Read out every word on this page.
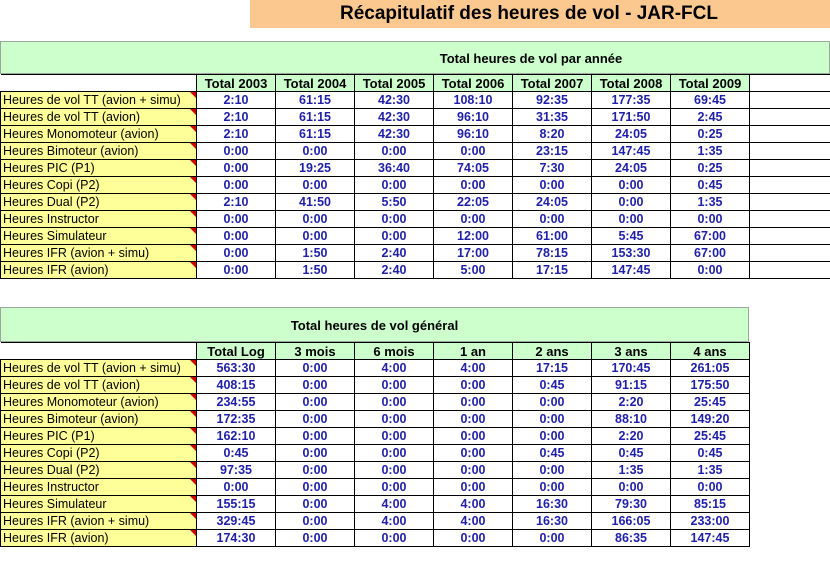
Récapitulatif des heures de vol - JAR-FCL
Total heures de vol par année
	Total 2003	Total 2004	Total 2005	Total 2006	Total 2007	Total 2008	Total 2009	
Heures de vol TT (avion + simu)	2:10	61:15	42:30	108:10	92:35	177:35	69:45	
Heures de vol TT (avion)	2:10	61:15	42:30	96:10	31:35	171:50	2:45	
Heures Monomoteur (avion)	2:10	61:15	42:30	96:10	8:20	24:05	0:25	
Heures Bimoteur (avion)	0:00	0:00	0:00	0:00	23:15	147:45	1:35	
Heures PIC (P1)	0:00	19:25	36:40	74:05	7:30	24:05	0:25	
Heures Copi (P2)	0:00	0:00	0:00	0:00	0:00	0:00	0:45	
Heures Dual (P2)	2:10	41:50	5:50	22:05	24:05	0:00	1:35	
Heures Instructor	0:00	0:00	0:00	0:00	0:00	0:00	0:00	
Heures Simulateur	0:00	0:00	0:00	12:00	61:00	5:45	67:00	
Heures IFR (avion + simu)	0:00	1:50	2:40	17:00	78:15	153:30	67:00	
Heures IFR (avion)	0:00	1:50	2:40	5:00	17:15	147:45	0:00	
Total heures de vol général
	Total Log	3 mois	6 mois	1 an	2 ans	3 ans	4 ans
Heures de vol TT (avion + simu)	563:30	0:00	4:00	4:00	17:15	170:45	261:05
Heures de vol TT (avion)	408:15	0:00	0:00	0:00	0:45	91:15	175:50
Heures Monomoteur (avion)	234:55	0:00	0:00	0:00	0:00	2:20	25:45
Heures Bimoteur (avion)	172:35	0:00	0:00	0:00	0:00	88:10	149:20
Heures PIC (P1)	162:10	0:00	0:00	0:00	0:00	2:20	25:45
Heures Copi (P2)	0:45	0:00	0:00	0:00	0:45	0:45	0:45
Heures Dual (P2)	97:35	0:00	0:00	0:00	0:00	1:35	1:35
Heures Instructor	0:00	0:00	0:00	0:00	0:00	0:00	0:00
Heures Simulateur	155:15	0:00	4:00	4:00	16:30	79:30	85:15
Heures IFR (avion + simu)	329:45	0:00	4:00	4:00	16:30	166:05	233:00
Heures IFR (avion)	174:30	0:00	0:00	0:00	0:00	86:35	147:45
